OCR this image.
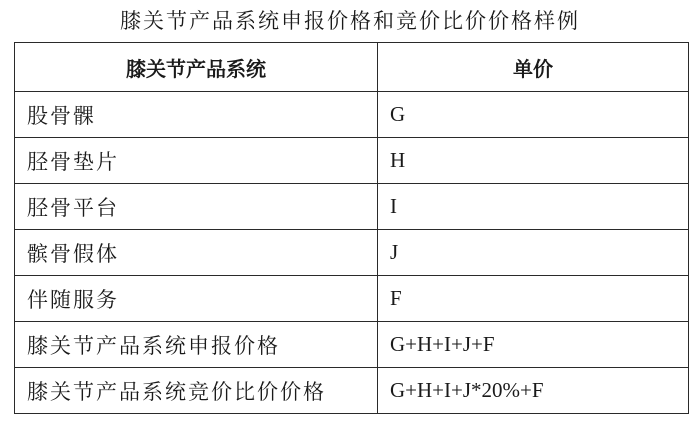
膝关节产品系统申报价格和竞价比价价格样例
膝关节产品系统	单价
股骨髁	G
胫骨垫片	H
胫骨平台	I
髌骨假体	J
伴随服务	F
膝关节产品系统申报价格	G+H+I+J+F
膝关节产品系统竞价比价价格	G+H+I+J*20%+F
